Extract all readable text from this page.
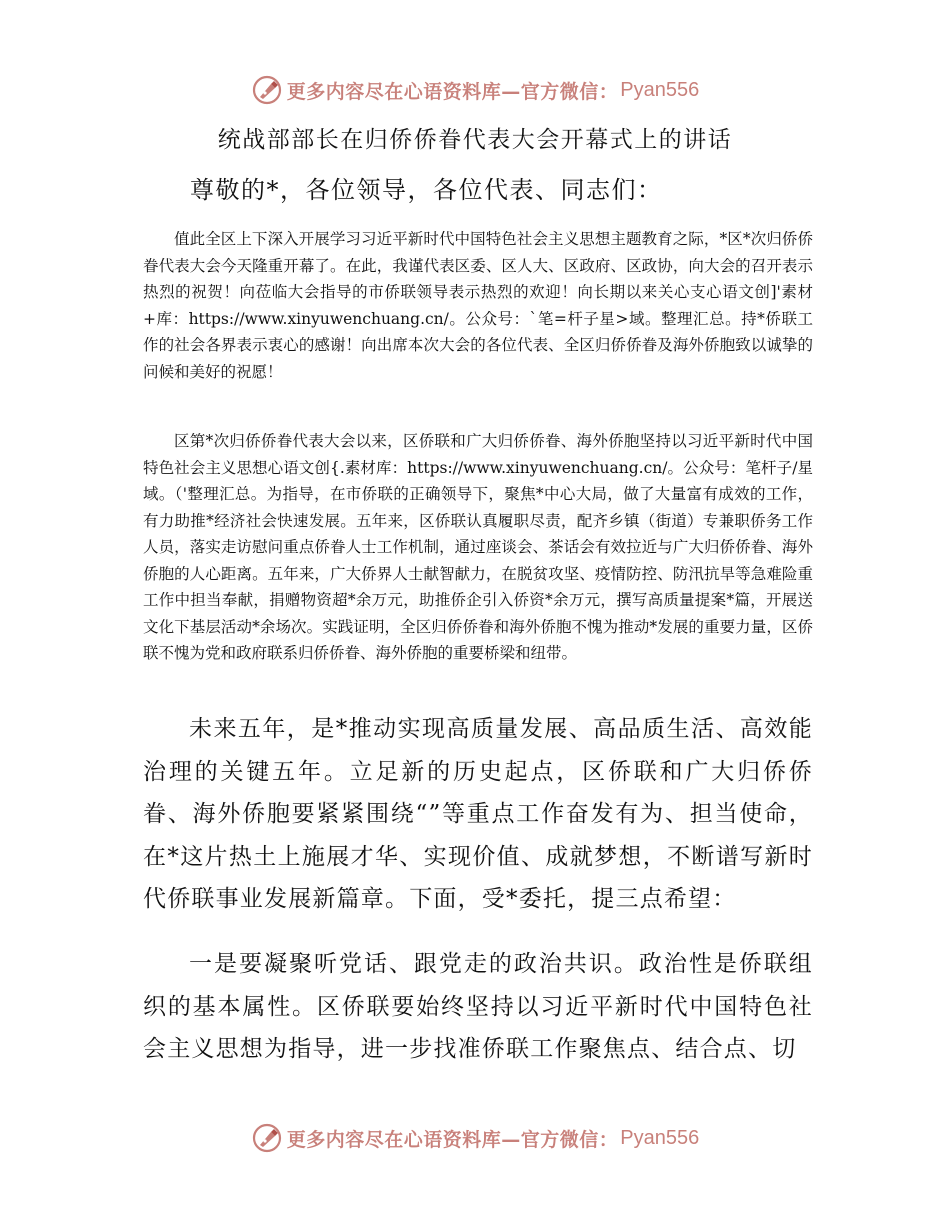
更多内容尽在心语资料库—官方微信： Pyan556
统战部部长在归侨侨眷代表大会开幕式上的讲话

尊敬的*，各位领导，各位代表、同志们：

值此全区上下深入开展学习习近平新时代中国特色社会主义思想主题教育之际，*区*次归侨侨眷代表大会今天隆重开幕了。在此，我谨代表区委、区人大、区政府、区政协，向大会的召开表示热烈的祝贺！向莅临大会指导的市侨联领导表示热烈的欢迎！向长期以来关心支心语文创]'素材+库：https://www.xinyuwenchuang.cn/。公众号：`笔=杆子星>域。整理汇总。持*侨联工作的社会各界表示衷心的感谢！向出席本次大会的各位代表、全区归侨侨眷及海外侨胞致以诚挚的问候和美好的祝愿！

区第*次归侨侨眷代表大会以来，区侨联和广大归侨侨眷、海外侨胞坚持以习近平新时代中国特色社会主义思想心语文创{.素材库：https://www.xinyuwenchuang.cn/。公众号：笔杆子/星域。（'整理汇总。为指导，在市侨联的正确领导下，聚焦*中心大局，做了大量富有成效的工作，有力助推*经济社会快速发展。五年来，区侨联认真履职尽责，配齐乡镇（街道）专兼职侨务工作人员，落实走访慰问重点侨眷人士工作机制，通过座谈会、茶话会有效拉近与广大归侨侨眷、海外侨胞的人心距离。五年来，广大侨界人士献智献力，在脱贫攻坚、疫情防控、防汛抗旱等急难险重工作中担当奉献，捐赠物资超*余万元，助推侨企引入侨资*余万元，撰写高质量提案*篇，开展送文化下基层活动*余场次。实践证明，全区归侨侨眷和海外侨胞不愧为推动*发展的重要力量，区侨联不愧为党和政府联系归侨侨眷、海外侨胞的重要桥梁和纽带。

未来五年，是*推动实现高质量发展、高品质生活、高效能治理的关键五年。立足新的历史起点，区侨联和广大归侨侨眷、海外侨胞要紧紧围绕“”等重点工作奋发有为、担当使命，在*这片热土上施展才华、实现价值、成就梦想，不断谱写新时代侨联事业发展新篇章。下面，受*委托，提三点希望：

一是要凝聚听党话、跟党走的政治共识。政治性是侨联组织的基本属性。区侨联要始终坚持以习近平新时代中国特色社会主义思想为指导，进一步找准侨联工作聚焦点、结合点、切

更多内容尽在心语资料库—官方微信： Pyan556
